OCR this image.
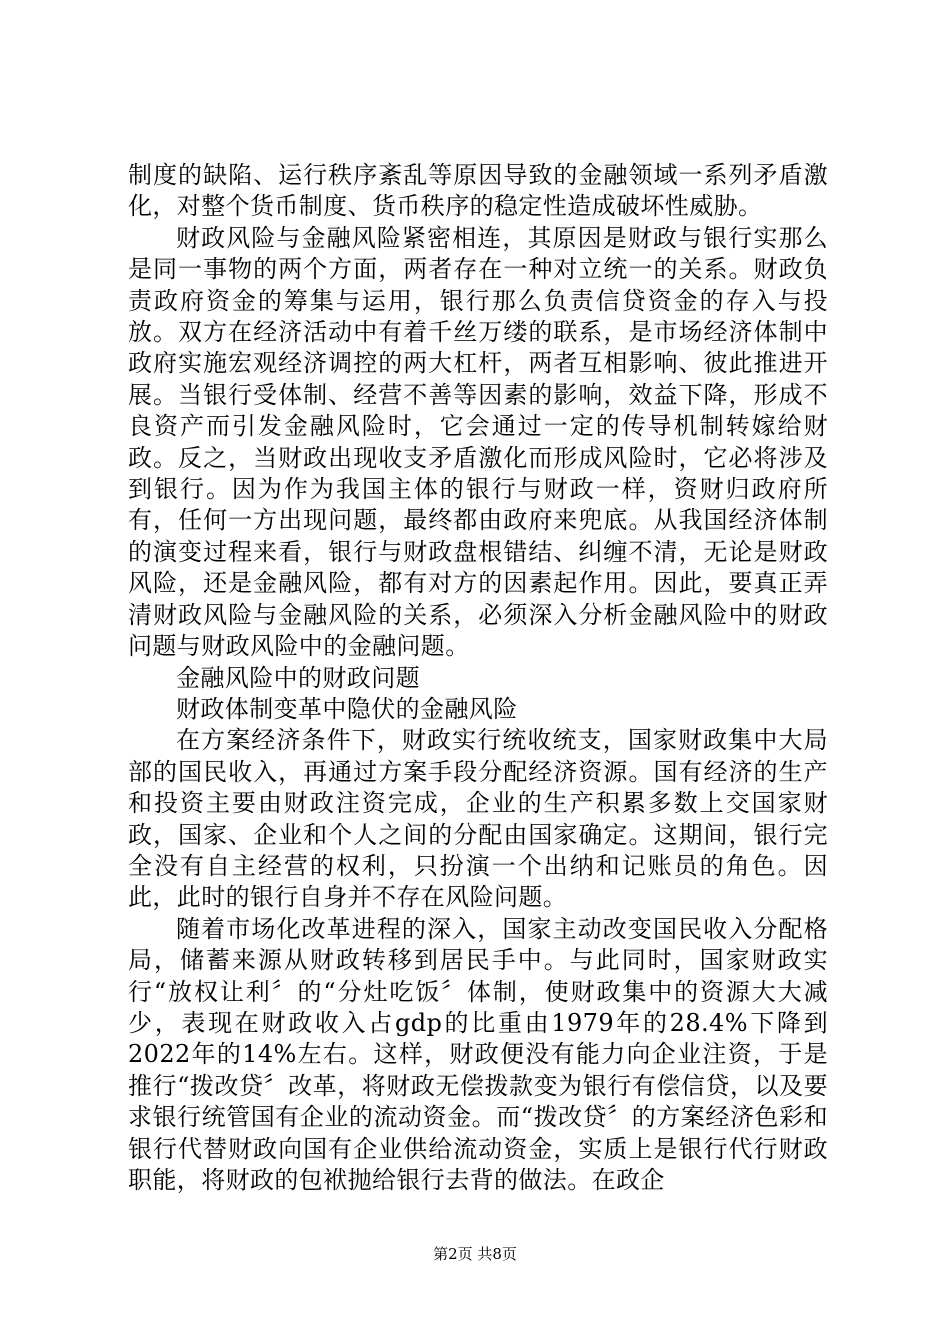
制度的缺陷、运行秩序紊乱等原因导致的金融领域一系列矛盾激化，对整个货币制度、货币秩序的稳定性造成破坏性威胁。

财政风险与金融风险紧密相连，其原因是财政与银行实那么是同一事物的两个方面，两者存在一种对立统一的关系。财政负责政府资金的筹集与运用，银行那么负责信贷资金的存入与投放。双方在经济活动中有着千丝万缕的联系，是市场经济体制中政府实施宏观经济调控的两大杠杆，两者互相影响、彼此推进开展。当银行受体制、经营不善等因素的影响，效益下降，形成不良资产而引发金融风险时，它会通过一定的传导机制转嫁给财政。反之，当财政出现收支矛盾激化而形成风险时，它必将涉及到银行。因为作为我国主体的银行与财政一样，资财归政府所有，任何一方出现问题，最终都由政府来兜底。从我国经济体制的演变过程来看，银行与财政盘根错结、纠缠不清，无论是财政风险，还是金融风险，都有对方的因素起作用。因此，要真正弄清财政风险与金融风险的关系，必须深入分析金融风险中的财政问题与财政风险中的金融问题。

金融风险中的财政问题

财政体制变革中隐伏的金融风险

在方案经济条件下，财政实行统收统支，国家财政集中大局部的国民收入，再通过方案手段分配经济资源。国有经济的生产和投资主要由财政注资完成，企业的生产积累多数上交国家财政，国家、企业和个人之间的分配由国家确定。这期间，银行完全没有自主经营的权利，只扮演一个出纳和记账员的角色。因此，此时的银行自身并不存在风险问题。

随着市场化改革进程的深入，国家主动改变国民收入分配格局，储蓄来源从财政转移到居民手中。与此同时，国家财政实行“放权让利〞的“分灶吃饭〞体制，使财政集中的资源大大减少，表现在财政收入占gdp的比重由1979年的28.4%下降到2022年的14%左右。这样，财政便没有能力向企业注资，于是推行“拨改贷〞改革，将财政无偿拨款变为银行有偿信贷，以及要求银行统管国有企业的流动资金。而“拨改贷〞的方案经济色彩和银行代替财政向国有企业供给流动资金，实质上是银行代行财政职能，将财政的包袱抛给银行去背的做法。在政企

第2页 共8页
